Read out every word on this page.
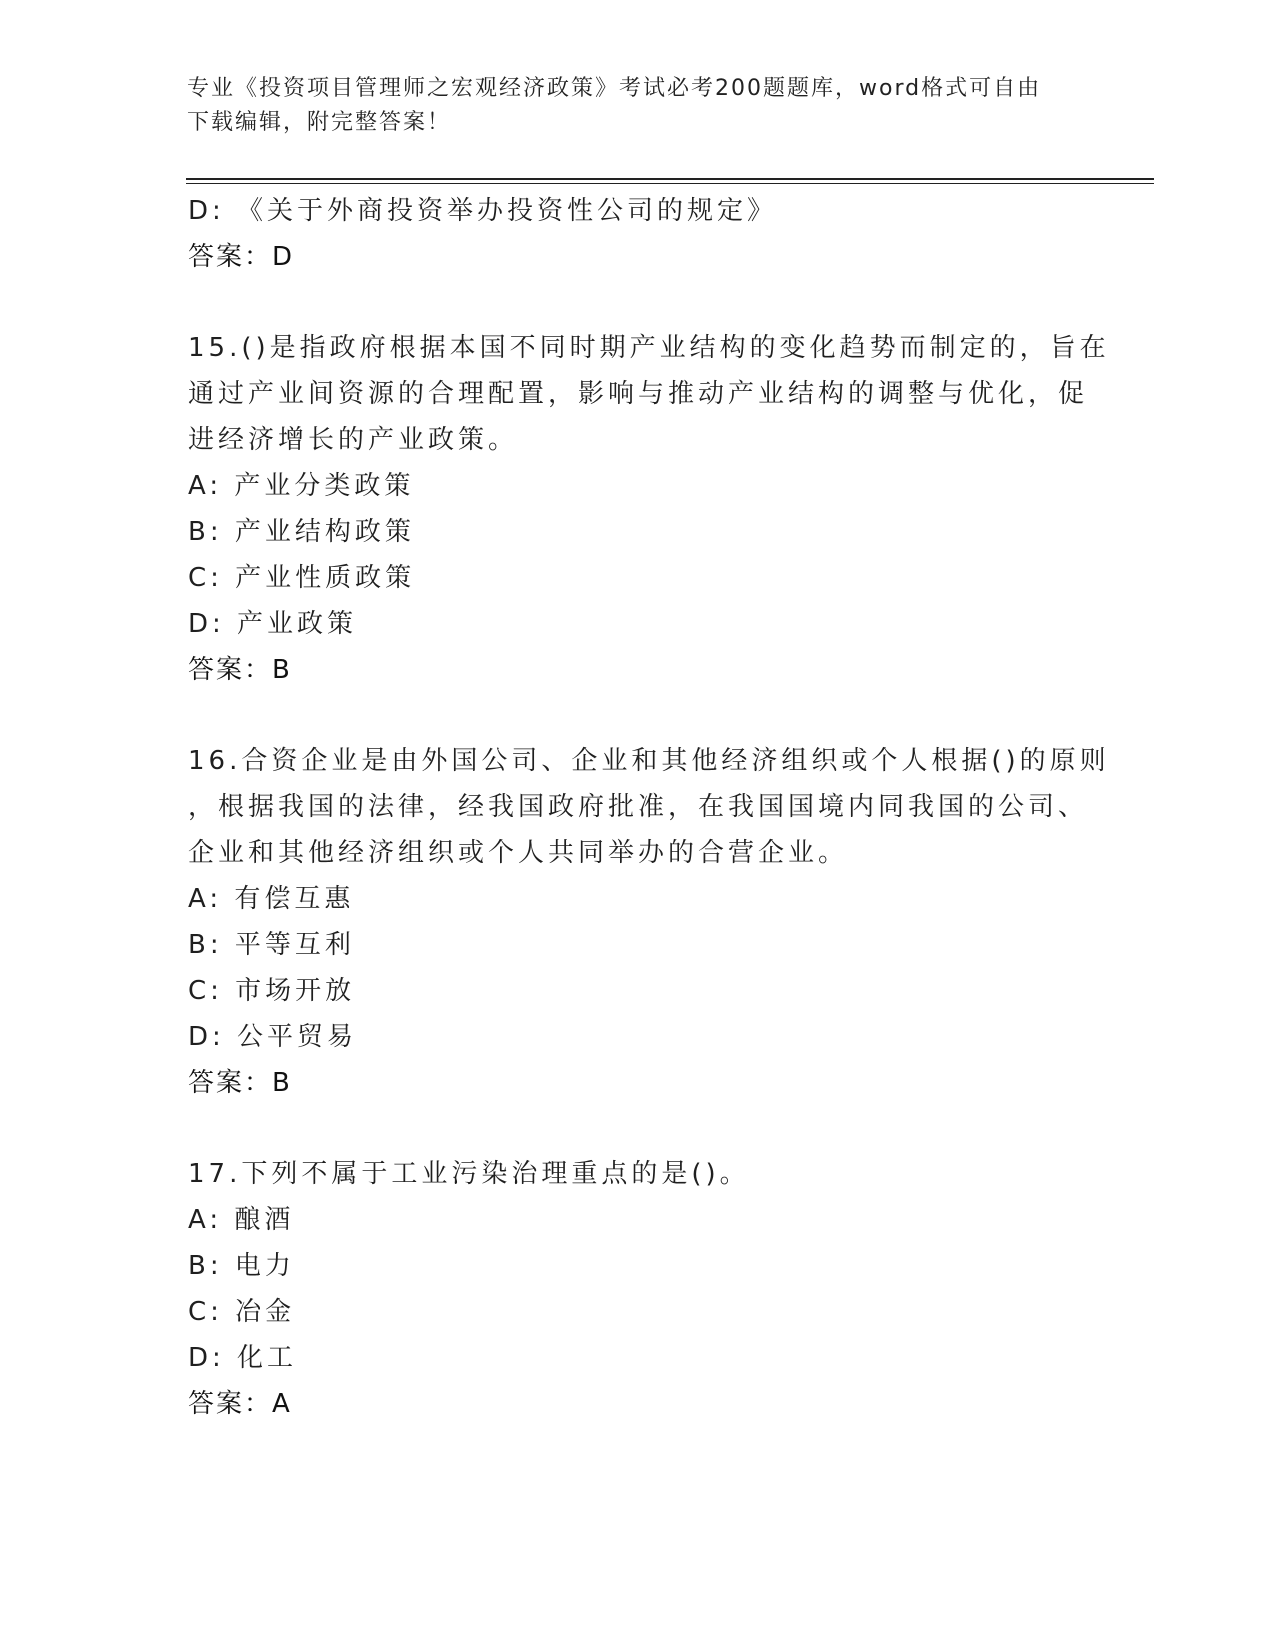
专业《投资项目管理师之宏观经济政策》考试必考200题题库，word格式可自由
下载编辑，附完整答案！
D: 《关于外商投资举办投资性公司的规定》
答案：D
15.()是指政府根据本国不同时期产业结构的变化趋势而制定的，旨在
通过产业间资源的合理配置，影响与推动产业结构的调整与优化，促
进经济增长的产业政策。
A: 产业分类政策
B: 产业结构政策
C: 产业性质政策
D: 产业政策
答案：B
16.合资企业是由外国公司、企业和其他经济组织或个人根据()的原则
，根据我国的法律，经我国政府批准，在我国国境内同我国的公司、
企业和其他经济组织或个人共同举办的合营企业。
A: 有偿互惠
B: 平等互利
C: 市场开放
D: 公平贸易
答案：B
17.下列不属于工业污染治理重点的是()。
A: 酿酒
B: 电力
C: 冶金
D: 化工
答案：A
